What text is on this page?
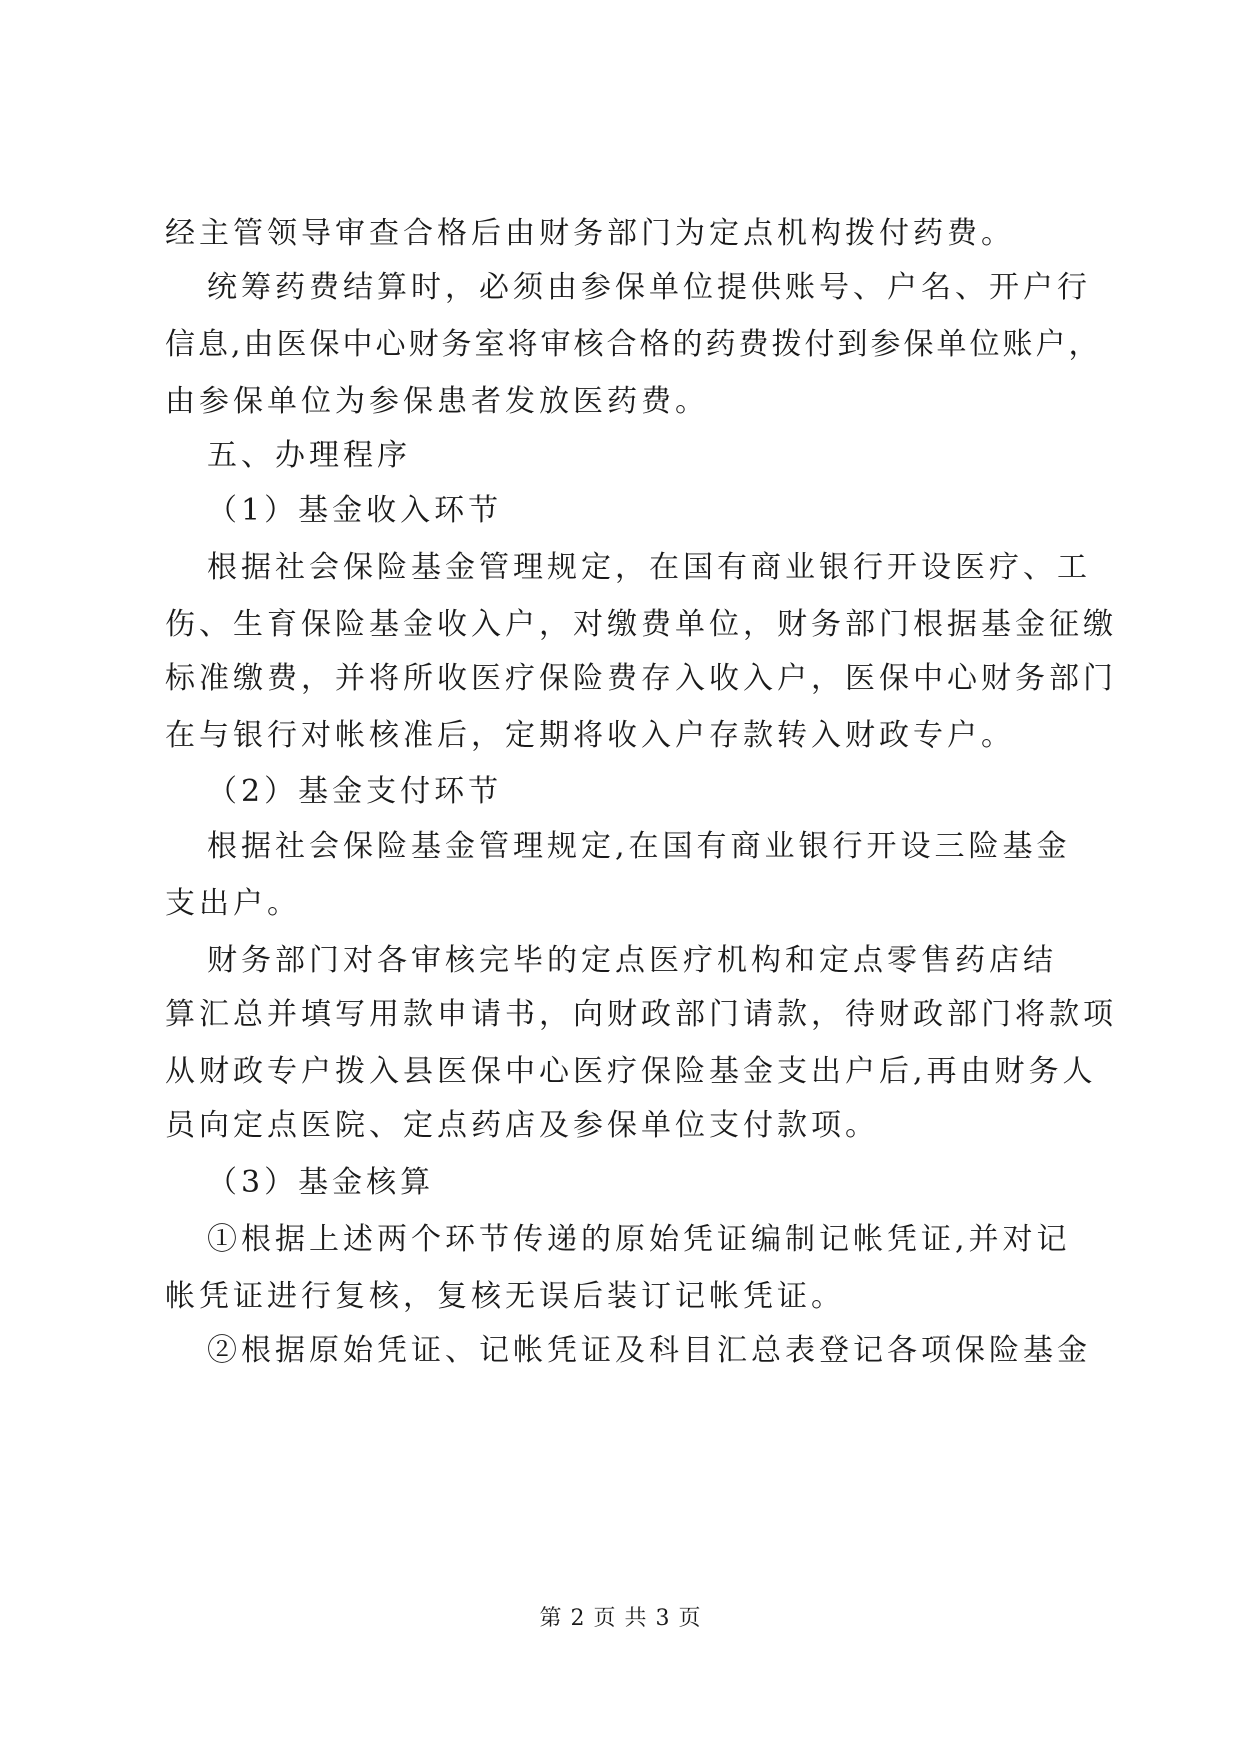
经主管领导审查合格后由财务部门为定点机构拨付药费。
统筹药费结算时，必须由参保单位提供账号、户名、开户行
信息,由医保中心财务室将审核合格的药费拨付到参保单位账户，
由参保单位为参保患者发放医药费。
五、办理程序
（1）基金收入环节
根据社会保险基金管理规定，在国有商业银行开设医疗、工
伤、生育保险基金收入户，对缴费单位，财务部门根据基金征缴
标准缴费，并将所收医疗保险费存入收入户，医保中心财务部门
在与银行对帐核准后，定期将收入户存款转入财政专户。
（2）基金支付环节
根据社会保险基金管理规定,在国有商业银行开设三险基金
支出户。
财务部门对各审核完毕的定点医疗机构和定点零售药店结
算汇总并填写用款申请书，向财政部门请款，待财政部门将款项
从财政专户拨入县医保中心医疗保险基金支出户后,再由财务人
员向定点医院、定点药店及参保单位支付款项。
（3）基金核算
①根据上述两个环节传递的原始凭证编制记帐凭证,并对记
帐凭证进行复核，复核无误后装订记帐凭证。
②根据原始凭证、记帐凭证及科目汇总表登记各项保险基金
第 2 页 共 3 页
